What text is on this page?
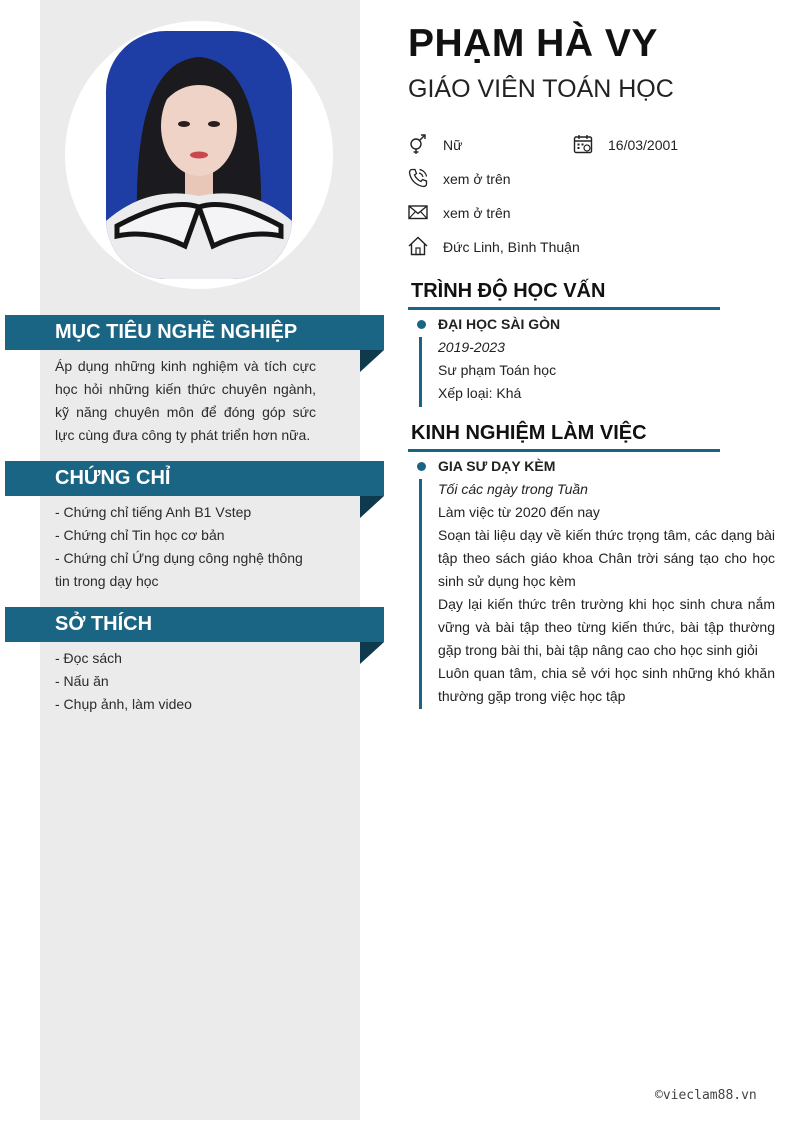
MỤC TIÊU NGHỀ NGHIỆP
Áp dụng những kinh nghiệm và tích cực học hỏi những kiến thức chuyên ngành, kỹ năng chuyên môn để đóng góp sức lực cùng đưa công ty phát triển hơn nữa.
CHỨNG CHỈ
- Chứng chỉ tiếng Anh B1 Vstep
- Chứng chỉ Tin học cơ bản
- Chứng chỉ Ứng dụng công nghệ thông tin trong dạy học
SỞ THÍCH
- Đọc sách
- Nấu ăn
- Chụp ảnh, làm video
PHẠM HÀ VY
GIÁO VIÊN TOÁN HỌC
Nữ	16/03/2001
xem ở trên
xem ở trên
Đức Linh, Bình Thuận
TRÌNH ĐỘ HỌC VẤN
ĐẠI HỌC SÀI GÒN
2019-2023
Sư phạm Toán học
Xếp loại: Khá
KINH NGHIỆM LÀM VIỆC
GIA SƯ DẠY KÈM
Tối các ngày trong Tuần
Làm việc từ 2020 đến nay
Soạn tài liệu dạy về kiến thức trọng tâm, các dạng bài tập theo sách giáo khoa Chân trời sáng tạo cho học sinh sử dụng học kèm
Dạy lại kiến thức trên trường khi học sinh chưa nắm vững và bài tập theo từng kiến thức, bài tập thường gặp trong bài thi, bài tập nâng cao cho học sinh giỏi
Luôn quan tâm, chia sẻ với học sinh những khó khăn thường gặp trong việc học tập
©vieclam88.vn
